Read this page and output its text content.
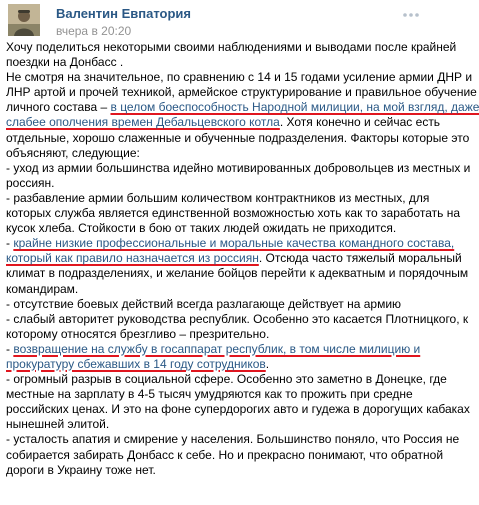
Валентин Евпатория
вчера в 20:20
Хочу поделиться некоторыми своими наблюдениями и выводами после крайней
поездки на Донбасс .
Не смотря на значительное, по сравнению с 14 и 15 годами усиление армии ДНР и
ЛНР артой и прочей техникой, армейское структурирование и правильное обучение
личного состава – в целом боеспособность Народной милиции, на мой взгляд, даже
слабее ополчения времен Дебальцевского котла. Хотя конечно и сейчас есть
отдельные, хорошо слаженные и обученные подразделения. Факторы которые это
объясняют, следующие:
- уход из армии большинства идейно мотивированных добровольцев из местных и
россиян.
- разбавление армии большим количеством контрактников из местных, для
которых служба является единственной возможностью хоть как то заработать на
кусок хлеба. Стойкости в бою от таких людей ожидать не приходится.
- крайне низкие профессиональные и моральные качества командного состава,
который как правило назначается из россиян. Отсюда часто тяжелый моральный
климат в подразделениях, и желание бойцов перейти к адекватным и порядочным
командирам.
- отсутствие боевых действий всегда разлагающе действует на армию
- слабый авторитет руководства республик. Особенно это касается Плотницкого, к
которому относятся брезгливо – презрительно.
- возвращение на службу в госаппарат республик, в том числе милицию и
прокуратуру сбежавших в 14 году сотрудников.
- огромный разрыв в социальной сфере. Особенно это заметно в Донецке, где
местные на зарплату в 4-5 тысяч умудряются как то прожить при средне
российских ценах. И это на фоне супердорогих авто и гудежа в дорогущих кабаках
нынешней элитой.
- усталость апатия и смирение у населения. Большинство поняло, что Россия не
собирается забирать Донбасс к себе. Но и прекрасно понимают, что обратной
дороги в Украину тоже нет.
